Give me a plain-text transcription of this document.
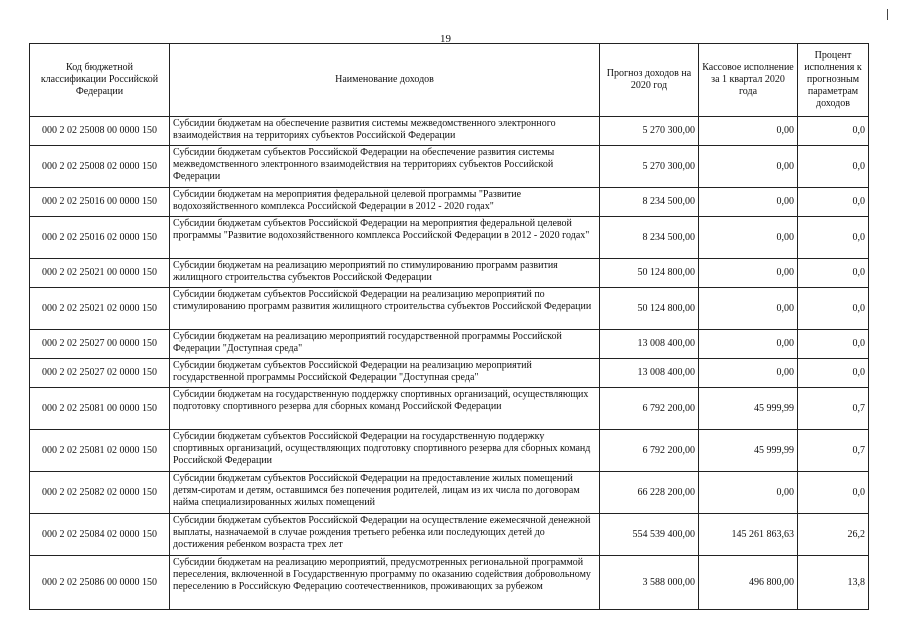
19
Код бюджетной классификации Российской Федерации	Наименование доходов	Прогноз доходов на 2020 год	Кассовое исполнение за 1 квартал 2020 года	Процент исполнения к прогнозным параметрам доходов
000 2 02 25008 00 0000 150	Субсидии бюджетам на обеспечение развития системы межведомственного электронного взаимодействия на территориях субъектов Российской Федерации	5 270 300,00	0,00	0,0
000 2 02 25008 02 0000 150	Субсидии бюджетам субъектов Российской Федерации на обеспечение развития системы межведомственного электронного взаимодействия на территориях субъектов Российской Федерации	5 270 300,00	0,00	0,0
000 2 02 25016 00 0000 150	Субсидии бюджетам на мероприятия федеральной целевой программы "Развитие водохозяйственного комплекса Российской Федерации в 2012 - 2020 годах"	8 234 500,00	0,00	0,0
000 2 02 25016 02 0000 150	Субсидии бюджетам субъектов Российской Федерации на мероприятия федеральной целевой программы "Развитие водохозяйственного комплекса Российской Федерации в 2012 - 2020 годах"	8 234 500,00	0,00	0,0
000 2 02 25021 00 0000 150	Субсидии бюджетам на реализацию мероприятий по стимулированию программ развития жилищного строительства субъектов Российской Федерации	50 124 800,00	0,00	0,0
000 2 02 25021 02 0000 150	Субсидии бюджетам субъектов Российской Федерации на реализацию мероприятий по стимулированию программ развития жилищного строительства субъектов Российской Федерации	50 124 800,00	0,00	0,0
000 2 02 25027 00 0000 150	Субсидии бюджетам на реализацию мероприятий государственной программы Российской Федерации "Доступная среда"	13 008 400,00	0,00	0,0
000 2 02 25027 02 0000 150	Субсидии бюджетам субъектов Российской Федерации на реализацию мероприятий государственной программы Российской Федерации "Доступная среда"	13 008 400,00	0,00	0,0
000 2 02 25081 00 0000 150	Субсидии бюджетам на государственную поддержку спортивных организаций, осуществляющих подготовку спортивного резерва для сборных команд Российской Федерации	6 792 200,00	45 999,99	0,7
000 2 02 25081 02 0000 150	Субсидии бюджетам субъектов Российской Федерации на государственную поддержку спортивных организаций, осуществляющих подготовку спортивного резерва для сборных команд Российской Федерации	6 792 200,00	45 999,99	0,7
000 2 02 25082 02 0000 150	Субсидии бюджетам субъектов Российской Федерации на предоставление жилых помещений детям-сиротам и детям, оставшимся без попечения родителей, лицам из их числа по договорам найма специализированных жилых помещений	66 228 200,00	0,00	0,0
000 2 02 25084 02 0000 150	Субсидии бюджетам субъектов Российской Федерации на осуществление ежемесячной денежной выплаты, назначаемой в случае рождения третьего ребенка или последующих детей до достижения ребенком возраста трех лет	554 539 400,00	145 261 863,63	26,2
000 2 02 25086 00 0000 150	Субсидии бюджетам на реализацию мероприятий, предусмотренных региональной программой переселения, включенной в Государственную программу по оказанию содействия добровольному переселению в Российскую Федерацию соотечественников, проживающих за рубежом	3 588 000,00	496 800,00	13,8
